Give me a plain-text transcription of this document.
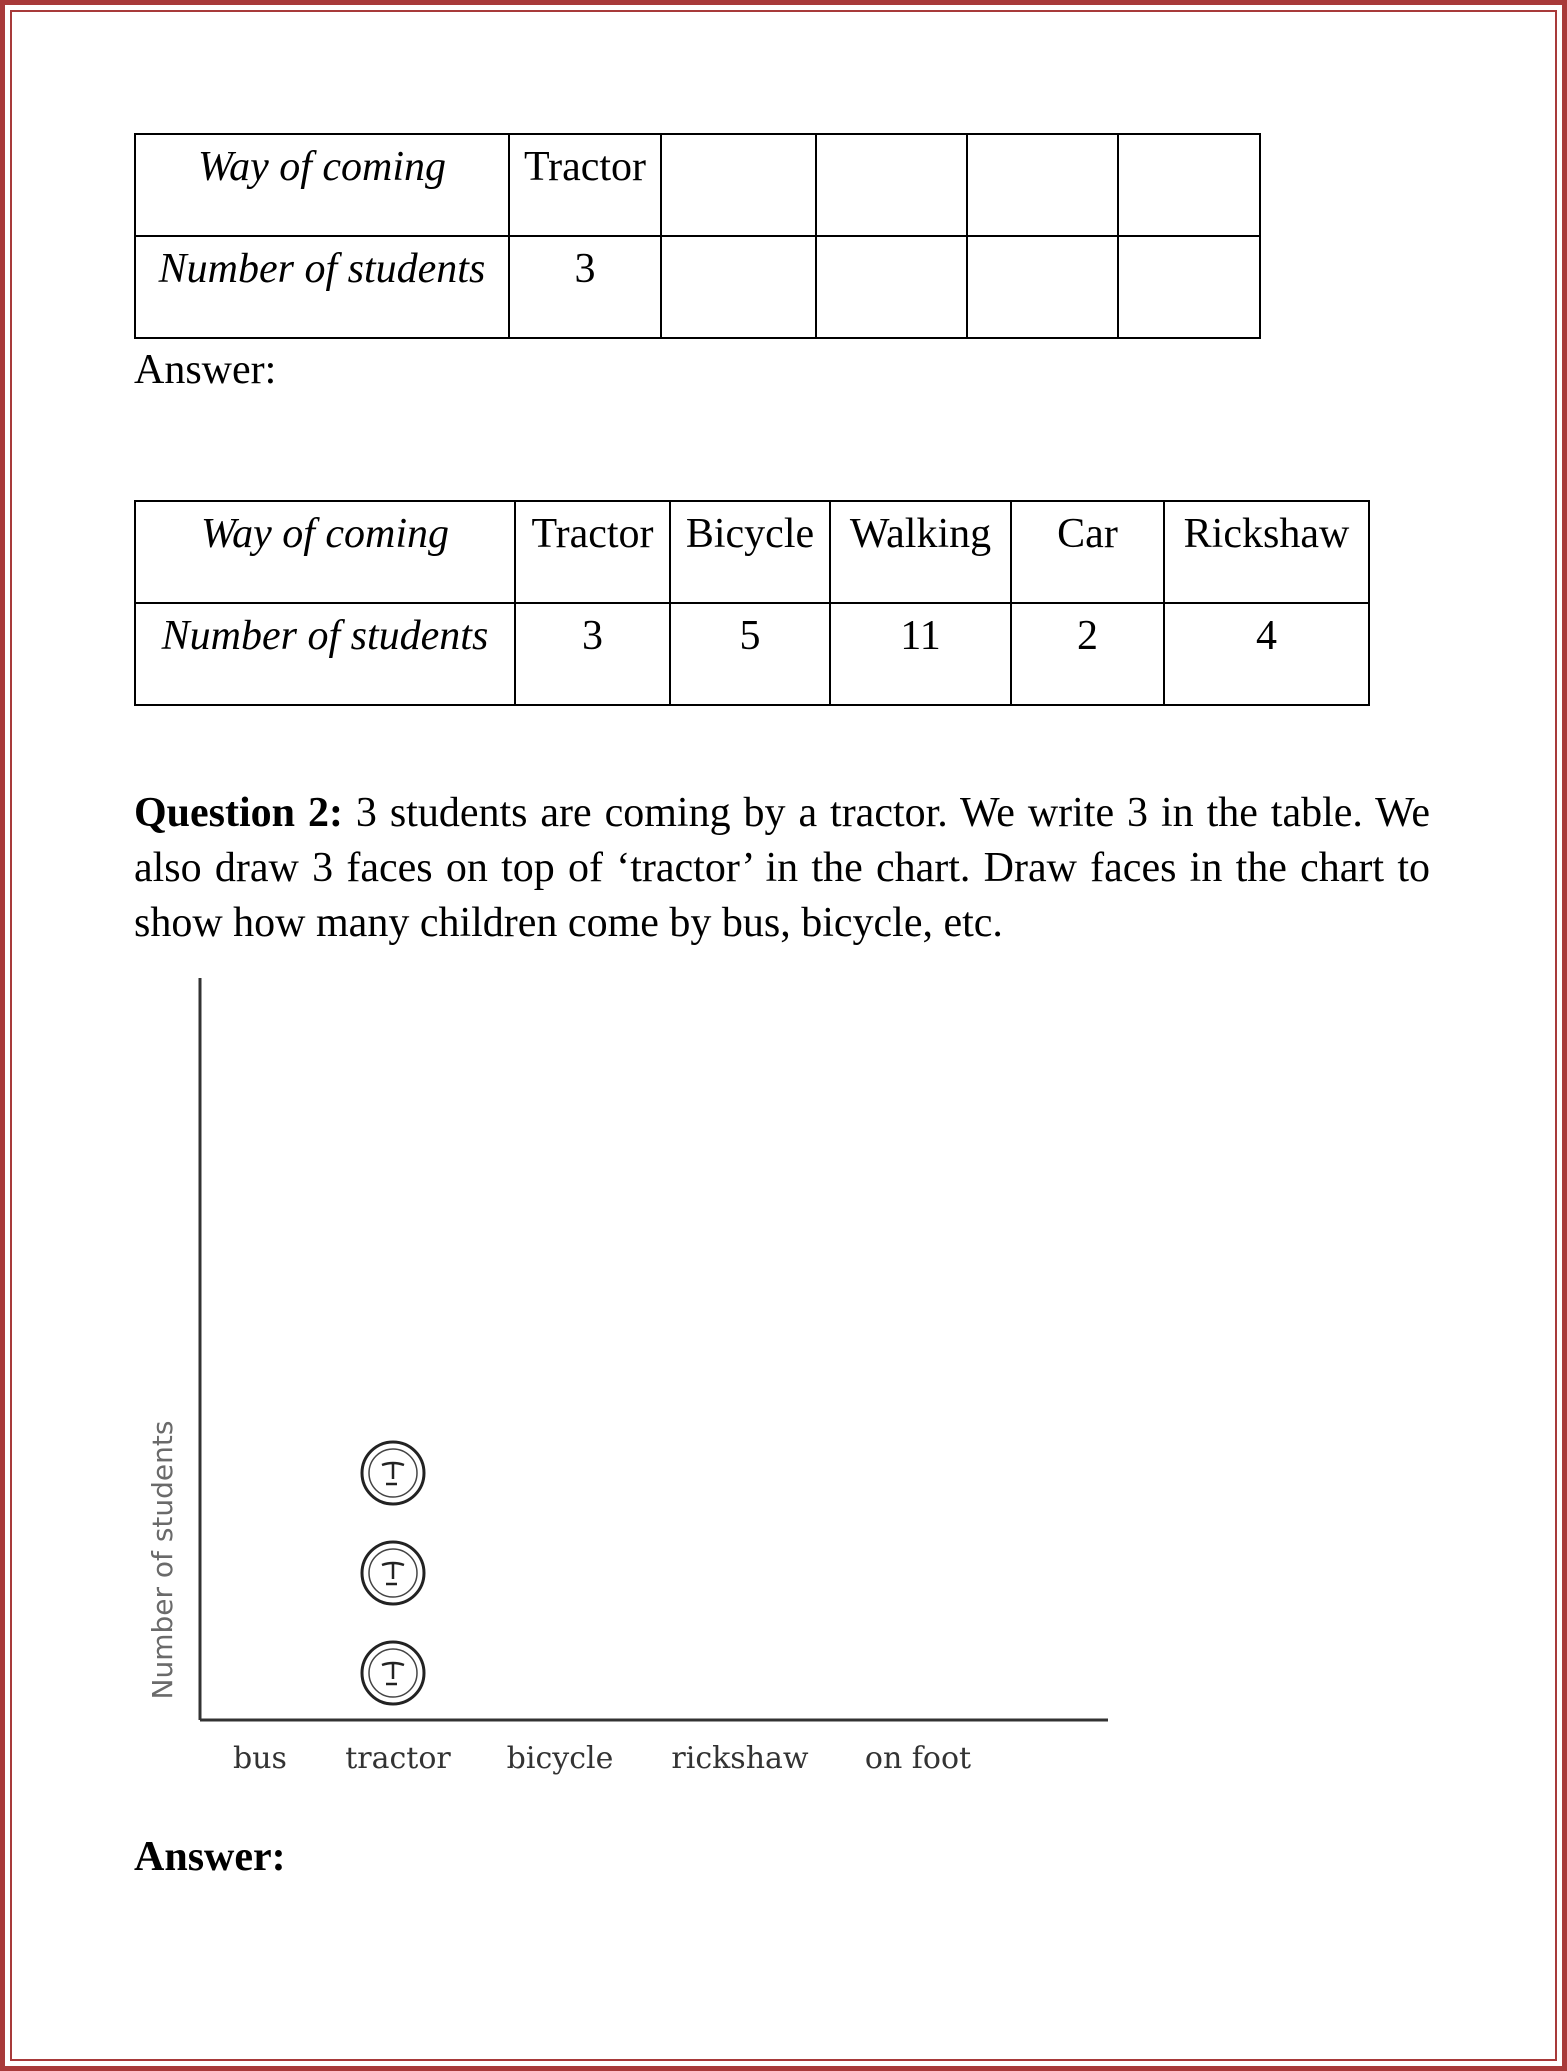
Way of coming	Tractor				
Number of students	3				
Answer:
Way of coming	Tractor	Bicycle	Walking	Car	Rickshaw
Number of students	3	5	11	2	4
Question 2: 3 students are coming by a tractor. We write 3 in the table. We also draw 3 faces on top of ‘tractor’ in the chart. Draw faces in the chart to show how many children come by bus, bicycle, etc.
Number of students
bus tractor bicycle rickshaw on foot
Answer:
